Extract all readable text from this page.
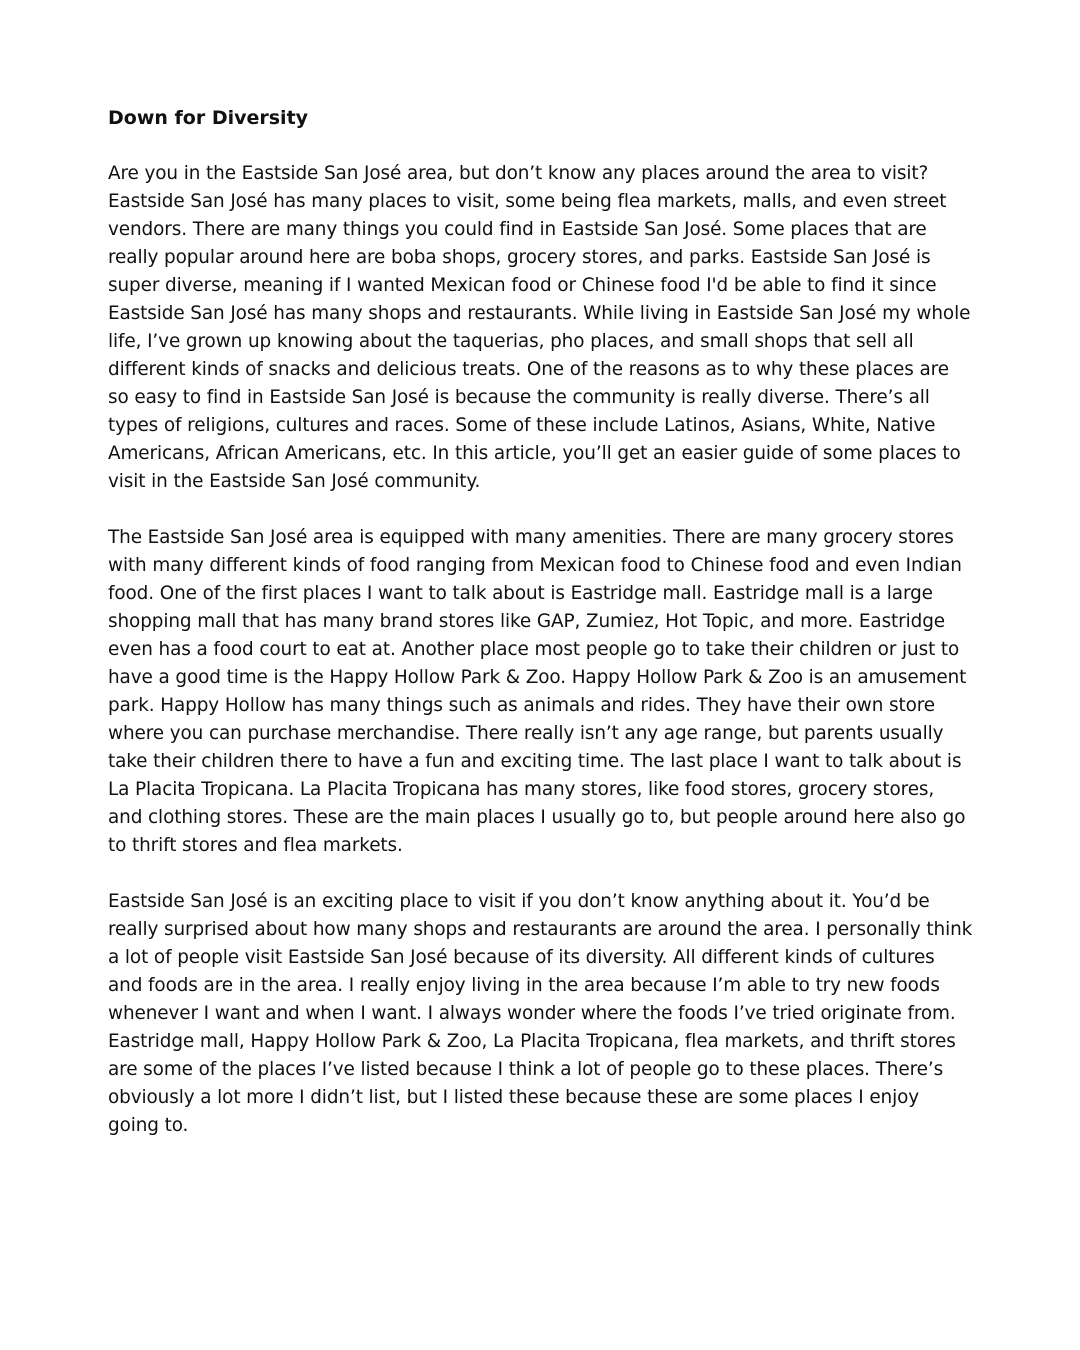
Down for Diversity

Are you in the Eastside San José area, but don’t know any places around the area to visit? Eastside San José has many places to visit, some being flea markets, malls, and even street vendors. There are many things you could find in Eastside San José. Some places that are really popular around here are boba shops, grocery stores, and parks. Eastside San José is super diverse, meaning if I wanted Mexican food or Chinese food I'd be able to find it since Eastside San José has many shops and restaurants. While living in Eastside San José my whole life, I’ve grown up knowing about the taquerias, pho places, and small shops that sell all different kinds of snacks and delicious treats. One of the reasons as to why these places are so easy to find in Eastside San José is because the community is really diverse. There’s all types of religions, cultures and races. Some of these include Latinos, Asians, White, Native Americans, African Americans, etc. In this article, you’ll get an easier guide of some places to visit in the Eastside San José community.

The Eastside San José area is equipped with many amenities. There are many grocery stores with many different kinds of food ranging from Mexican food to Chinese food and even Indian food. One of the first places I want to talk about is Eastridge mall. Eastridge mall is a large shopping mall that has many brand stores like GAP, Zumiez, Hot Topic, and more. Eastridge even has a food court to eat at. Another place most people go to take their children or just to have a good time is the Happy Hollow Park & Zoo. Happy Hollow Park & Zoo is an amusement park. Happy Hollow has many things such as animals and rides. They have their own store where you can purchase merchandise. There really isn’t any age range, but parents usually take their children there to have a fun and exciting time. The last place I want to talk about is La Placita Tropicana. La Placita Tropicana has many stores, like food stores, grocery stores, and clothing stores. These are the main places I usually go to, but people around here also go to thrift stores and flea markets.

Eastside San José is an exciting place to visit if you don’t know anything about it. You’d be really surprised about how many shops and restaurants are around the area. I personally think a lot of people visit Eastside San José because of its diversity. All different kinds of cultures and foods are in the area. I really enjoy living in the area because I’m able to try new foods whenever I want and when I want. I always wonder where the foods I’ve tried originate from. Eastridge mall, Happy Hollow Park & Zoo, La Placita Tropicana, flea markets, and thrift stores are some of the places I’ve listed because I think a lot of people go to these places. There’s obviously a lot more I didn’t list, but I listed these because these are some places I enjoy going to.
